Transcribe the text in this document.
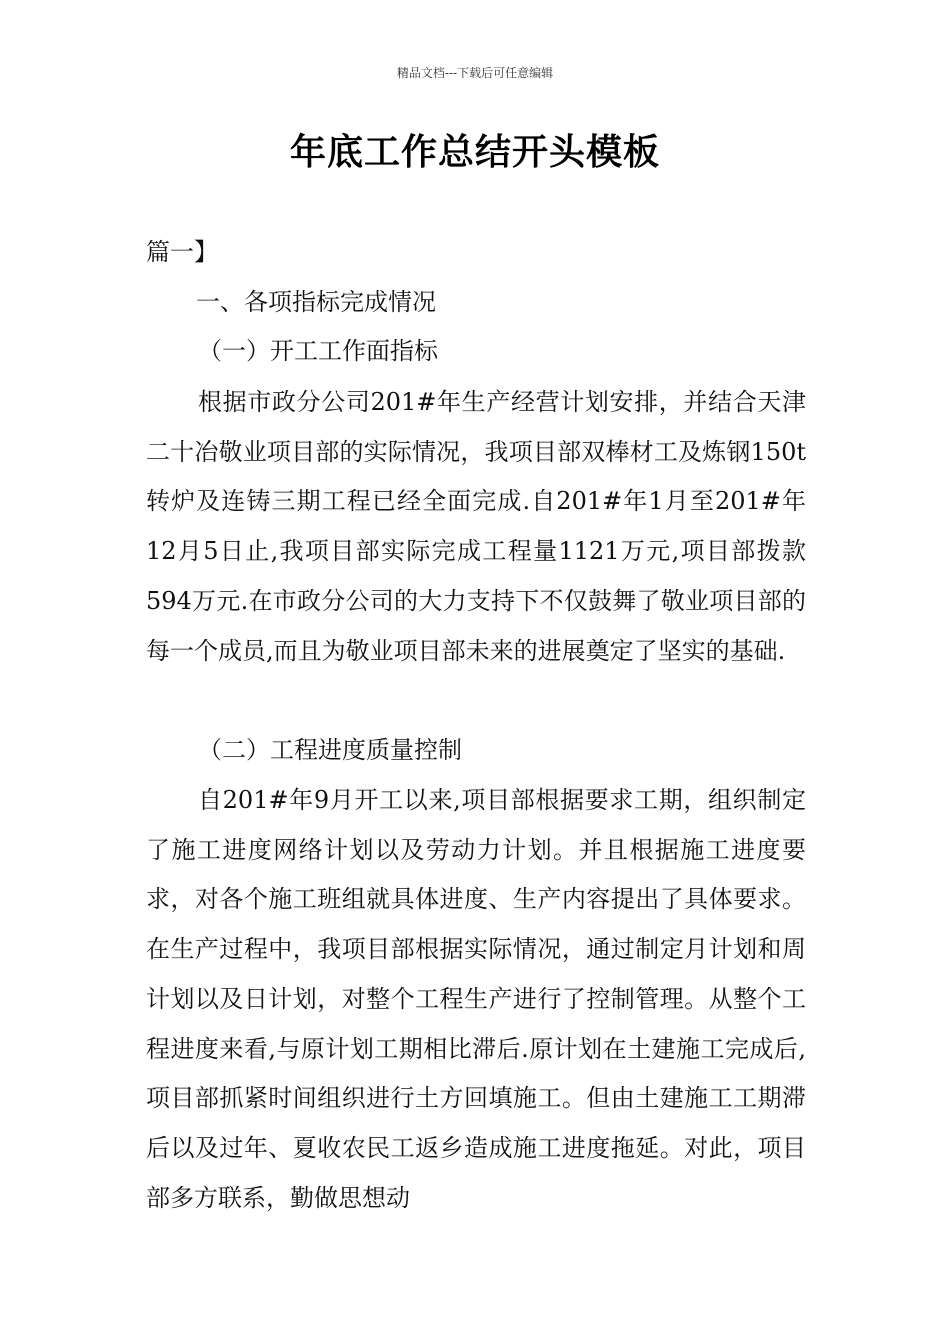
精品文档---下载后可任意编辑
年底工作总结开头模板
篇一】
一、各项指标完成情况
（一）开工工作面指标

根据市政分公司201#年生产经营计划安排，并结合天津二十冶敬业项目部的实际情况，我项目部双棒材工及炼钢150t转炉及连铸三期工程已经全面完成.自201#年1月至201#年12月5日止,我项目部实际完成工程量1121万元,项目部拨款594万元.在市政分公司的大力支持下不仅鼓舞了敬业项目部的每一个成员,而且为敬业项目部未来的进展奠定了坚实的基础.

（二）工程进度质量控制

自201#年9月开工以来,项目部根据要求工期，组织制定了施工进度网络计划以及劳动力计划。并且根据施工进度要求，对各个施工班组就具体进度、生产内容提出了具体要求。在生产过程中，我项目部根据实际情况，通过制定月计划和周计划以及日计划，对整个工程生产进行了控制管理。从整个工程进度来看,与原计划工期相比滞后.原计划在土建施工完成后,项目部抓紧时间组织进行土方回填施工。但由土建施工工期滞后以及过年、夏收农民工返乡造成施工进度拖延。对此，项目部多方联系，勤做思想动
